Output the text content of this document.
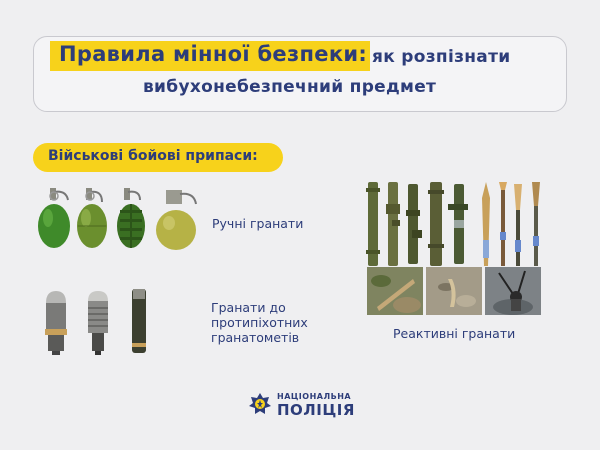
Правила мінної безпеки: як розпізнати
вибухонебезпечний предмет
Військові бойові припаси:
Ручні гранати
Гранати до протипіхотних гранатометів	Реактивні гранати
НАЦІОНАЛЬНА
ПОЛІЦІЯ
